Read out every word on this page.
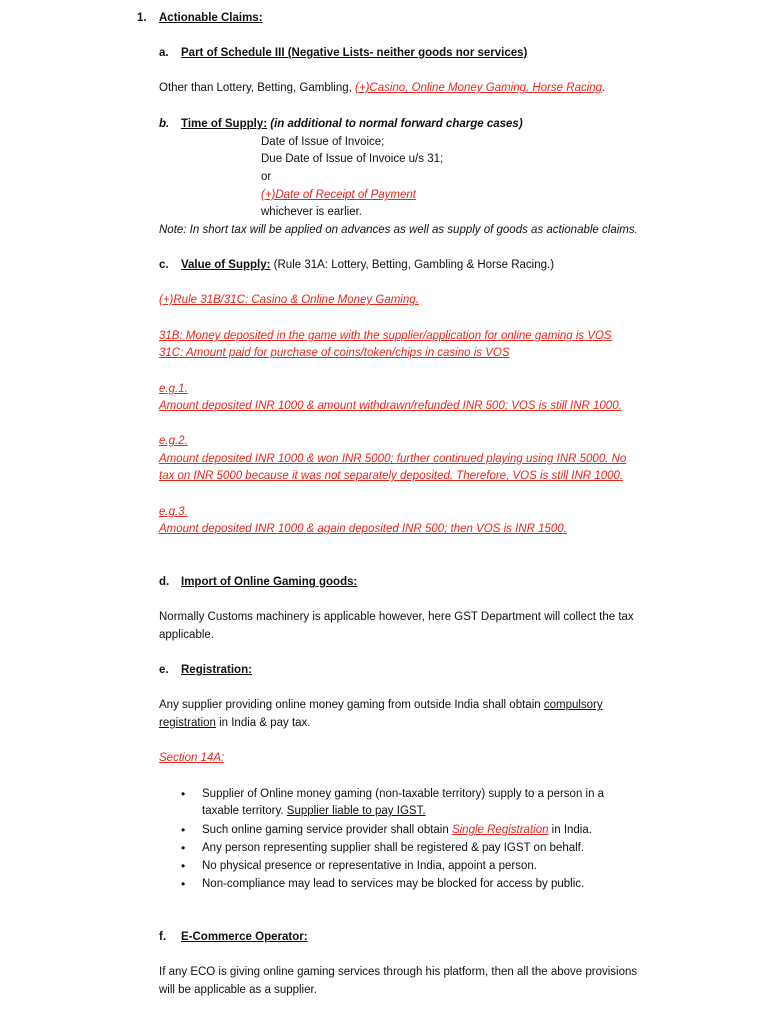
1. Actionable Claims:
a. Part of Schedule III (Negative Lists- neither goods nor services)
Other than Lottery, Betting, Gambling, (+)Casino, Online Money Gaming, Horse Racing.
b. Time of Supply: (in additional to normal forward charge cases)
Date of Issue of Invoice;
Due Date of Issue of Invoice u/s 31;
or
(+)Date of Receipt of Payment
whichever is earlier.
Note: In short tax will be applied on advances as well as supply of goods as actionable claims.
c. Value of Supply: (Rule 31A: Lottery, Betting, Gambling & Horse Racing.)
(+)Rule 31B/31C: Casino & Online Money Gaming.
31B: Money deposited in the game with the supplier/application for online gaming is VOS
31C: Amount paid for purchase of coins/token/chips in casino is VOS
e.g.1.
Amount deposited INR 1000 & amount withdrawn/refunded INR 500; VOS is still INR 1000.
e.g.2.
Amount deposited INR 1000 & won INR 5000; further continued playing using INR 5000. No
tax on INR 5000 because it was not separately deposited. Therefore, VOS is still INR 1000.
e.g.3.
Amount deposited INR 1000 & again deposited INR 500; then VOS is INR 1500.
d. Import of Online Gaming goods:
Normally Customs machinery is applicable however, here GST Department will collect the tax
applicable.
e. Registration:
Any supplier providing online money gaming from outside India shall obtain compulsory
registration in India & pay tax.
Section 14A:
• Supplier of Online money gaming (non-taxable territory) supply to a person in a
taxable territory. Supplier liable to pay IGST.
• Such online gaming service provider shall obtain Single Registration in India.
• Any person representing supplier shall be registered & pay IGST on behalf.
• No physical presence or representative in India, appoint a person.
• Non-compliance may lead to services may be blocked for access by public.
f. E-Commerce Operator:
If any ECO is giving online gaming services through his platform, then all the above provisions
will be applicable as a supplier.
